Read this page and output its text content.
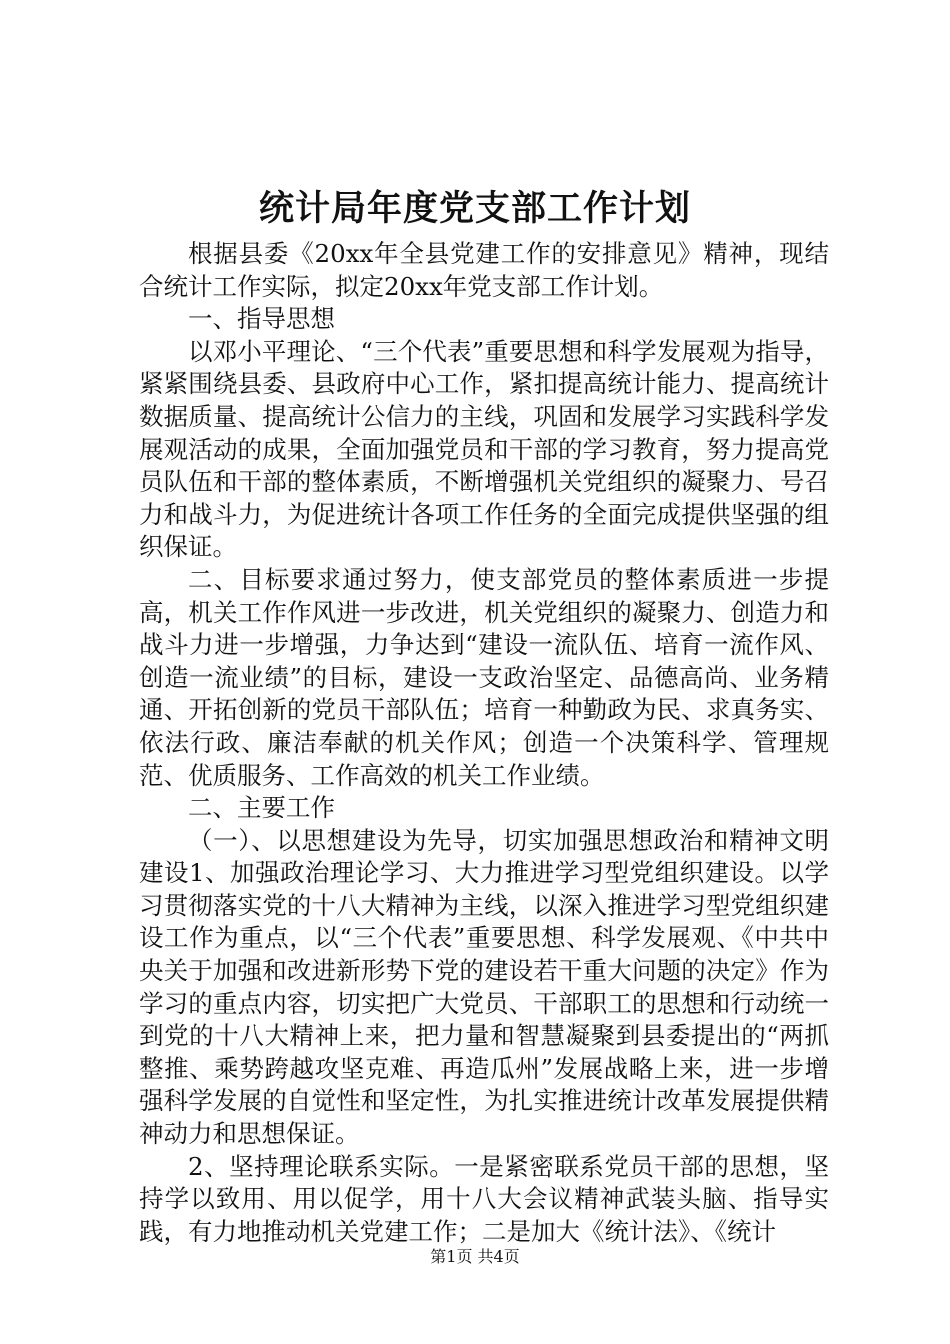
统计局年度党支部工作计划

根据县委《20xx年全县党建工作的安排意见》精神，现结合统计工作实际，拟定20xx年党支部工作计划。

一、指导思想

以邓小平理论、“三个代表”重要思想和科学发展观为指导，紧紧围绕县委、县政府中心工作，紧扣提高统计能力、提高统计数据质量、提高统计公信力的主线，巩固和发展学习实践科学发展观活动的成果，全面加强党员和干部的学习教育，努力提高党员队伍和干部的整体素质，不断增强机关党组织的凝聚力、号召力和战斗力，为促进统计各项工作任务的全面完成提供坚强的组织保证。

二、目标要求通过努力，使支部党员的整体素质进一步提高，机关工作作风进一步改进，机关党组织的凝聚力、创造力和战斗力进一步增强，力争达到“建设一流队伍、培育一流作风、创造一流业绩”的目标，建设一支政治坚定、品德高尚、业务精通、开拓创新的党员干部队伍；培育一种勤政为民、求真务实、依法行政、廉洁奉献的机关作风；创造一个决策科学、管理规范、优质服务、工作高效的机关工作业绩。

二、主要工作

（一）、以思想建设为先导，切实加强思想政治和精神文明建设1、加强政治理论学习、大力推进学习型党组织建设。以学习贯彻落实党的十八大精神为主线，以深入推进学习型党组织建设工作为重点，以“三个代表”重要思想、科学发展观、《中共中央关于加强和改进新形势下党的建设若干重大问题的决定》作为学习的重点内容，切实把广大党员、干部职工的思想和行动统一到党的十八大精神上来，把力量和智慧凝聚到县委提出的“两抓整推、乘势跨越攻坚克难、再造瓜州”发展战略上来，进一步增强科学发展的自觉性和坚定性，为扎实推进统计改革发展提供精神动力和思想保证。

2、坚持理论联系实际。一是紧密联系党员干部的思想，坚持学以致用、用以促学，用十八大会议精神武装头脑、指导实践，有力地推动机关党建工作；二是加大《统计法》、《统计

第1页 共4页
